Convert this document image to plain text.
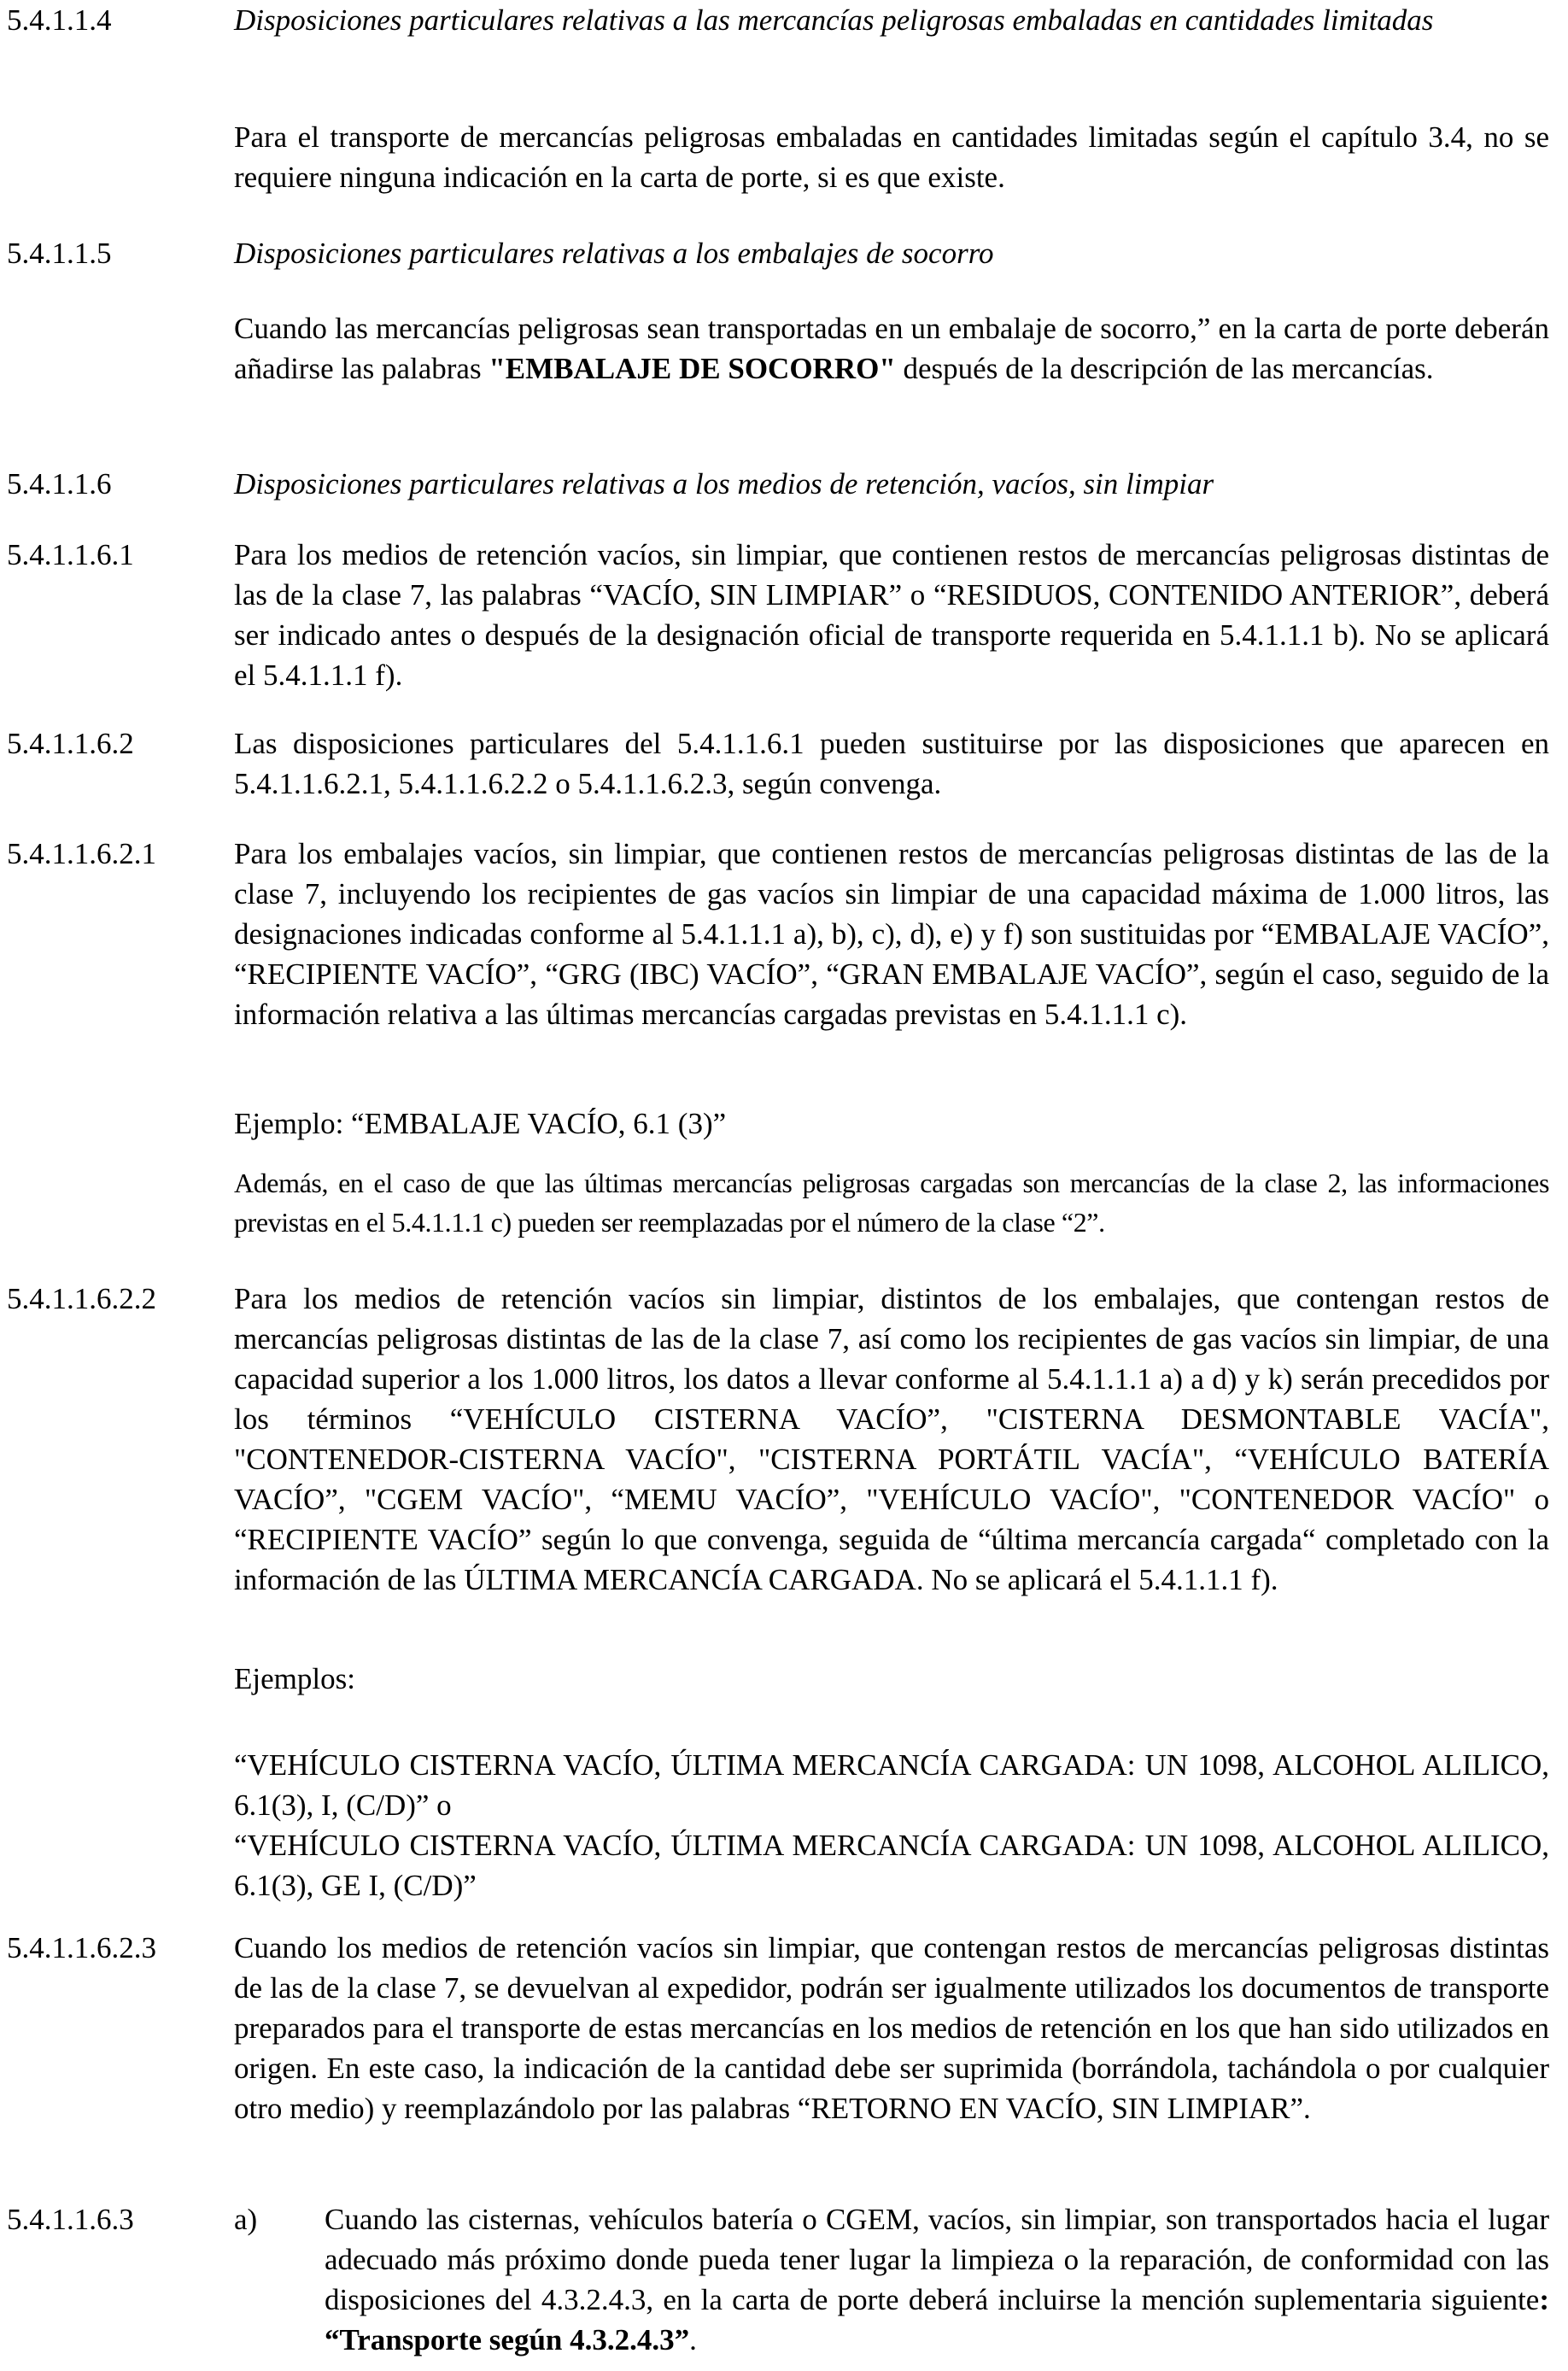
5.4.1.1.4	Disposiciones particulares relativas a las mercancías peligrosas embaladas en cantidades limitadas
Para el transporte de mercancías peligrosas embaladas en cantidades limitadas según el capítulo 3.4, no se requiere ninguna indicación en la carta de porte, si es que existe.
5.4.1.1.5	Disposiciones particulares relativas a los embalajes de socorro
Cuando las mercancías peligrosas sean transportadas en un embalaje de socorro,” en la carta de porte deberán añadirse las palabras "EMBALAJE DE SOCORRO" después de la descripción de las mercancías.
5.4.1.1.6	Disposiciones particulares relativas a los medios de retención, vacíos, sin limpiar
5.4.1.1.6.1	Para los medios de retención vacíos, sin limpiar, que contienen restos de mercancías peligrosas distintas de las de la clase 7, las palabras “VACÍO, SIN LIMPIAR” o “RESIDUOS, CONTENIDO ANTERIOR”, deberá ser indicado antes o después de la designación oficial de transporte requerida en 5.4.1.1.1 b). No se aplicará el 5.4.1.1.1 f).
5.4.1.1.6.2	Las disposiciones particulares del 5.4.1.1.6.1 pueden sustituirse por las disposiciones que aparecen en 5.4.1.1.6.2.1, 5.4.1.1.6.2.2 o 5.4.1.1.6.2.3, según convenga.
5.4.1.1.6.2.1	Para los embalajes vacíos, sin limpiar, que contienen restos de mercancías peligrosas distintas de las de la clase 7, incluyendo los recipientes de gas vacíos sin limpiar de una capacidad máxima de 1.000 litros, las designaciones indicadas conforme al 5.4.1.1.1 a), b), c), d), e) y f) son sustituidas por “EMBALAJE VACÍO”, “RECIPIENTE VACÍO”, “GRG (IBC) VACÍO”, “GRAN EMBALAJE VACÍO”, según el caso, seguido de la información relativa a las últimas mercancías cargadas previstas en 5.4.1.1.1 c).
Ejemplo: “EMBALAJE VACÍO, 6.1 (3)”
Además, en el caso de que las últimas mercancías peligrosas cargadas son mercancías de la clase 2, las informaciones previstas en el 5.4.1.1.1 c) pueden ser reemplazadas por el número de la clase “2”.
5.4.1.1.6.2.2	Para los medios de retención vacíos sin limpiar, distintos de los embalajes, que contengan restos de mercancías peligrosas distintas de las de la clase 7, así como los recipientes de gas vacíos sin limpiar, de una capacidad superior a los 1.000 litros, los datos a llevar conforme al 5.4.1.1.1 a) a d) y k) serán precedidos por los términos “VEHÍCULO CISTERNA VACÍO”, "CISTERNA DESMONTABLE VACÍA", "CONTENEDOR-CISTERNA VACÍO", "CISTERNA PORTÁTIL VACÍA", “VEHÍCULO BATERÍA VACÍO”, "CGEM VACÍO", “MEMU VACÍO”, "VEHÍCULO VACÍO", "CONTENEDOR VACÍO" o “RECIPIENTE VACÍO” según lo que convenga, seguida de “última mercancía cargada“ completado con la información de las ÚLTIMA MERCANCÍA CARGADA. No se aplicará el 5.4.1.1.1 f).
Ejemplos:
“VEHÍCULO CISTERNA VACÍO, ÚLTIMA MERCANCÍA CARGADA: UN 1098, ALCOHOL ALILICO, 6.1(3), I, (C/D)” o
“VEHÍCULO CISTERNA VACÍO, ÚLTIMA MERCANCÍA CARGADA: UN 1098, ALCOHOL ALILICO, 6.1(3), GE I, (C/D)”
5.4.1.1.6.2.3	Cuando los medios de retención vacíos sin limpiar, que contengan restos de mercancías peligrosas distintas de las de la clase 7, se devuelvan al expedidor, podrán ser igualmente utilizados los documentos de transporte preparados para el transporte de estas mercancías en los medios de retención en los que han sido utilizados en origen. En este caso, la indicación de la cantidad debe ser suprimida (borrándola, tachándola o por cualquier otro medio) y reemplazándolo por las palabras “RETORNO EN VACÍO, SIN LIMPIAR”.
5.4.1.1.6.3	a) Cuando las cisternas, vehículos batería o CGEM, vacíos, sin limpiar, son transportados hacia el lugar adecuado más próximo donde pueda tener lugar la limpieza o la reparación, de conformidad con las disposiciones del 4.3.2.4.3, en la carta de porte deberá incluirse la mención suplementaria siguiente: “Transporte según 4.3.2.4.3”.
